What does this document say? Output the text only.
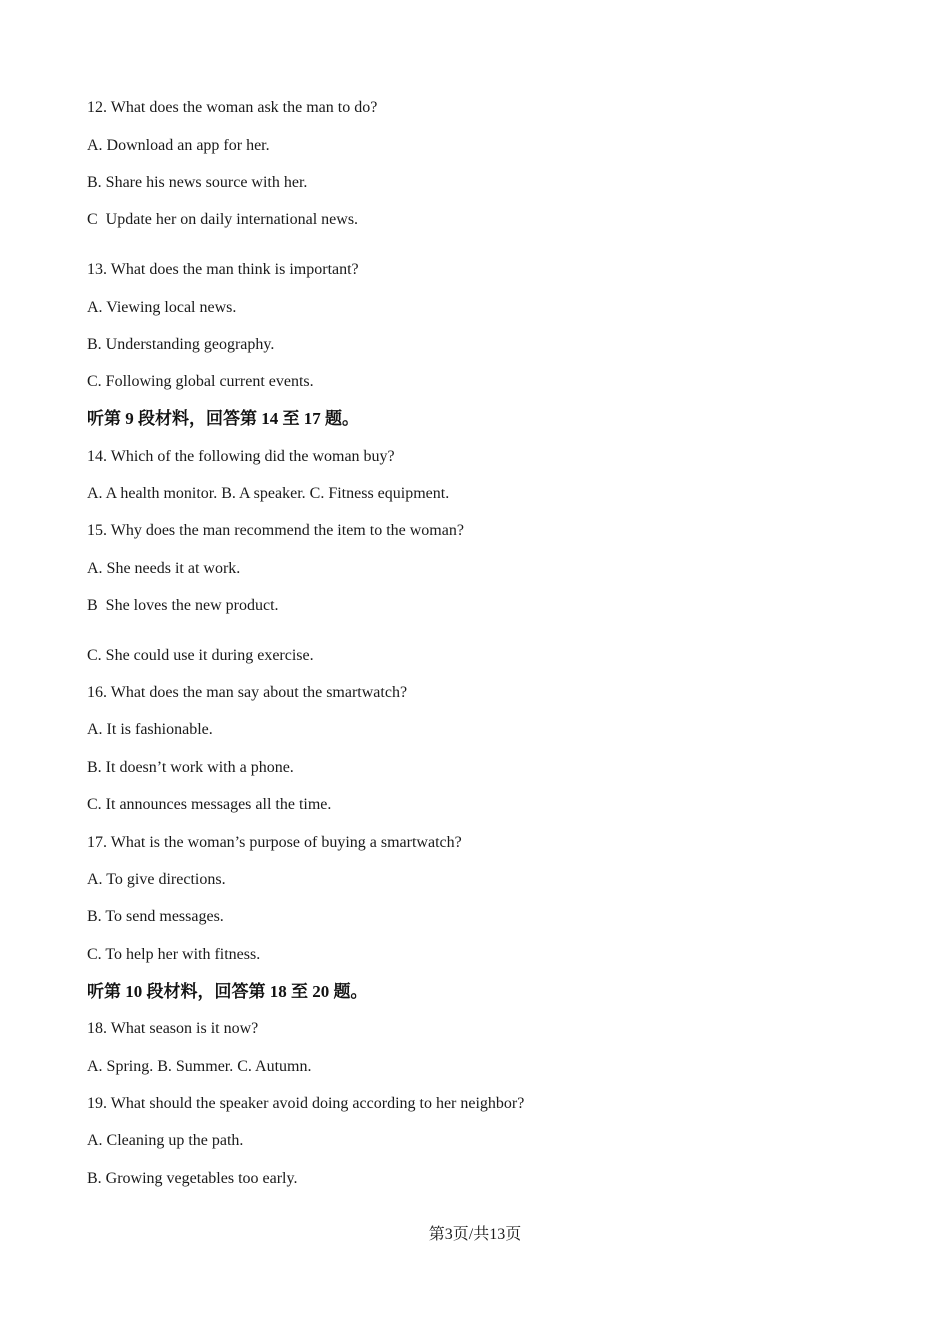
12. What does the woman ask the man to do?
A. Download an app for her.
B. Share his news source with her.
C  Update her on daily international news.
13. What does the man think is important?
A. Viewing local news.
B. Understanding geography.
C. Following global current events.
听第 9 段材料，回答第 14 至 17 题。
14. Which of the following did the woman buy?
A. A health monitor. B. A speaker. C. Fitness equipment.
15. Why does the man recommend the item to the woman?
A. She needs it at work.
B  She loves the new product.
C. She could use it during exercise.
16. What does the man say about the smartwatch?
A. It is fashionable.
B. It doesn’t work with a phone.
C. It announces messages all the time.
17. What is the woman’s purpose of buying a smartwatch?
A. To give directions.
B. To send messages.
C. To help her with fitness.
听第 10 段材料，回答第 18 至 20 题。
18. What season is it now?
A. Spring. B. Summer. C. Autumn.
19. What should the speaker avoid doing according to her neighbor?
A. Cleaning up the path.
B. Growing vegetables too early.
第3页/共13页
